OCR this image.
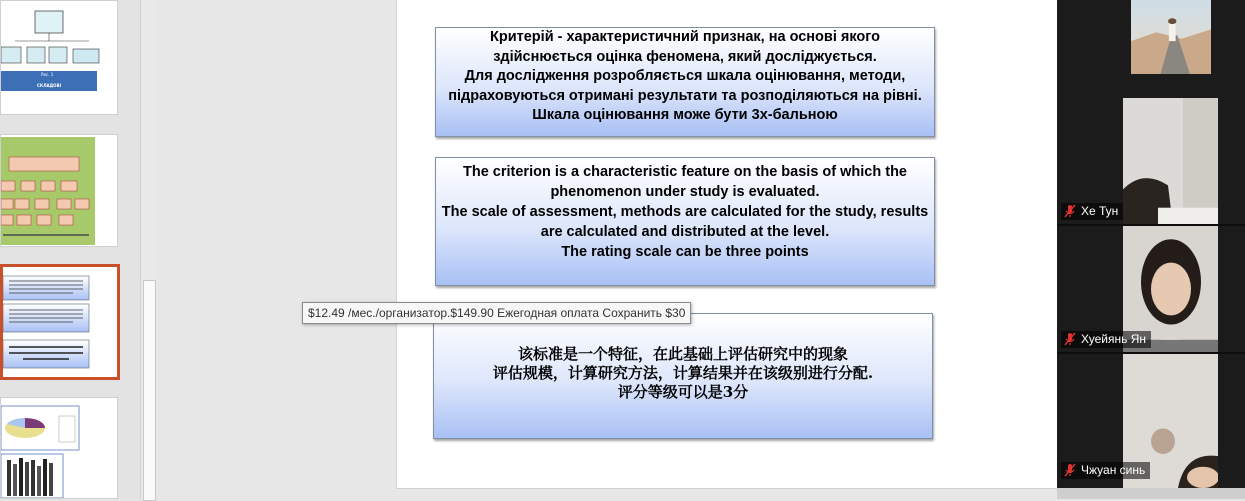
Рис. 1
СКЛАДОВІ
Критерій - характеристичний признак, на основі якого
здійснюється оцінка феномена, який досліджується.
Для дослідження розробляється шкала оцінювання, методи,
підраховуються отримані результати та розподіляються на рівні.
Шкала оцінювання може бути 3х-бальною
The criterion is a characteristic feature on the basis of which the
phenomenon under study is evaluated.
The scale of assessment, methods are calculated for the study, results
are calculated and distributed at the level.
The rating scale can be three points
该标准是一个特征，在此基础上评估研究中的现象
评估规模，计算研究方法，计算结果并在该级别进行分配.
评分等级可以是3分
$12.49 /мес./организатор.$149.90 Ежегодная оплата Сохранить $30
Хе Тун
Хуейянь Ян
Чжуан синь
